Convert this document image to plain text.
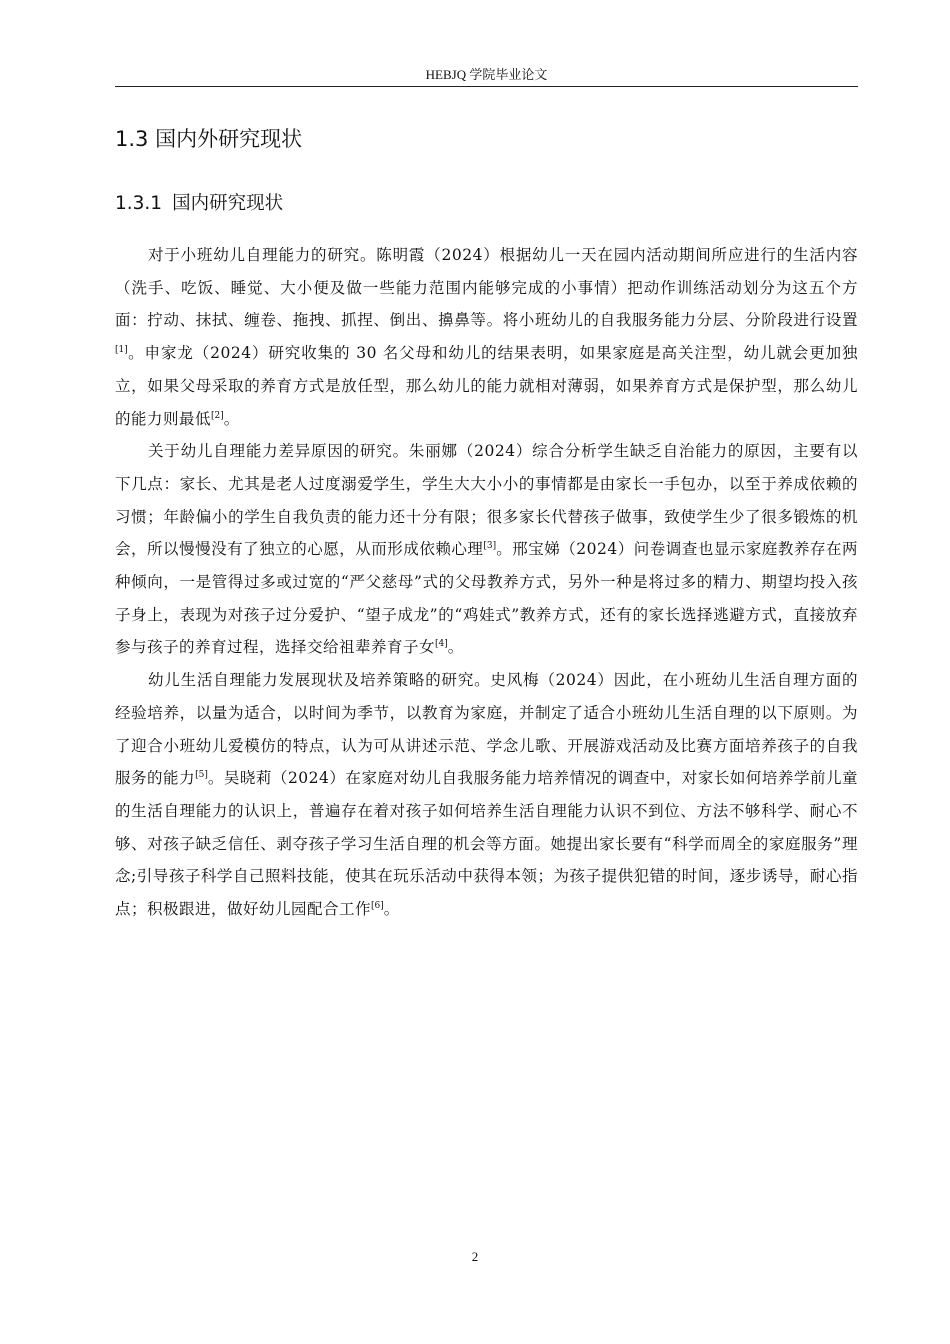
HEBJQ 学院毕业论文
1.3 国内外研究现状
1.3.1 国内研究现状

对于小班幼儿自理能力的研究。陈明霞（2024）根据幼儿一天在园内活动期间所应进行的生活内容（洗手、吃饭、睡觉、大小便及做一些能力范围内能够完成的小事情）把动作训练活动划分为这五个方面：拧动、抹拭、缠卷、拖拽、抓捏、倒出、擤鼻等。将小班幼儿的自我服务能力分层、分阶段进行设置[1]。申家龙（2024）研究收集的 30 名父母和幼儿的结果表明，如果家庭是高关注型，幼儿就会更加独立，如果父母采取的养育方式是放任型，那么幼儿的能力就相对薄弱，如果养育方式是保护型，那么幼儿的能力则最低[2]。

关于幼儿自理能力差异原因的研究。朱丽娜（2024）综合分析学生缺乏自治能力的原因，主要有以下几点：家长、尤其是老人过度溺爱学生，学生大大小小的事情都是由家长一手包办，以至于养成依赖的习惯；年龄偏小的学生自我负责的能力还十分有限；很多家长代替孩子做事，致使学生少了很多锻炼的机会，所以慢慢没有了独立的心愿，从而形成依赖心理[3]。邢宝娣（2024）问卷调查也显示家庭教养存在两种倾向，一是管得过多或过宽的“严父慈母”式的父母教养方式，另外一种是将过多的精力、期望均投入孩子身上，表现为对孩子过分爱护、“望子成龙”的“鸡娃式”教养方式，还有的家长选择逃避方式，直接放弃参与孩子的养育过程，选择交给祖辈养育子女[4]。

幼儿生活自理能力发展现状及培养策略的研究。史风梅（2024）因此，在小班幼儿生活自理方面的经验培养，以量为适合，以时间为季节，以教育为家庭，并制定了适合小班幼儿生活自理的以下原则。为了迎合小班幼儿爱模仿的特点，认为可从讲述示范、学念儿歌、开展游戏活动及比赛方面培养孩子的自我服务的能力[5]。吴晓莉（2024）在家庭对幼儿自我服务能力培养情况的调查中，对家长如何培养学前儿童的生活自理能力的认识上，普遍存在着对孩子如何培养生活自理能力认识不到位、方法不够科学、耐心不够、对孩子缺乏信任、剥夺孩子学习生活自理的机会等方面。她提出家长要有“科学而周全的家庭服务”理念;引导孩子科学自己照料技能，使其在玩乐活动中获得本领；为孩子提供犯错的时间，逐步诱导，耐心指点；积极跟进，做好幼儿园配合工作[6]。

2
